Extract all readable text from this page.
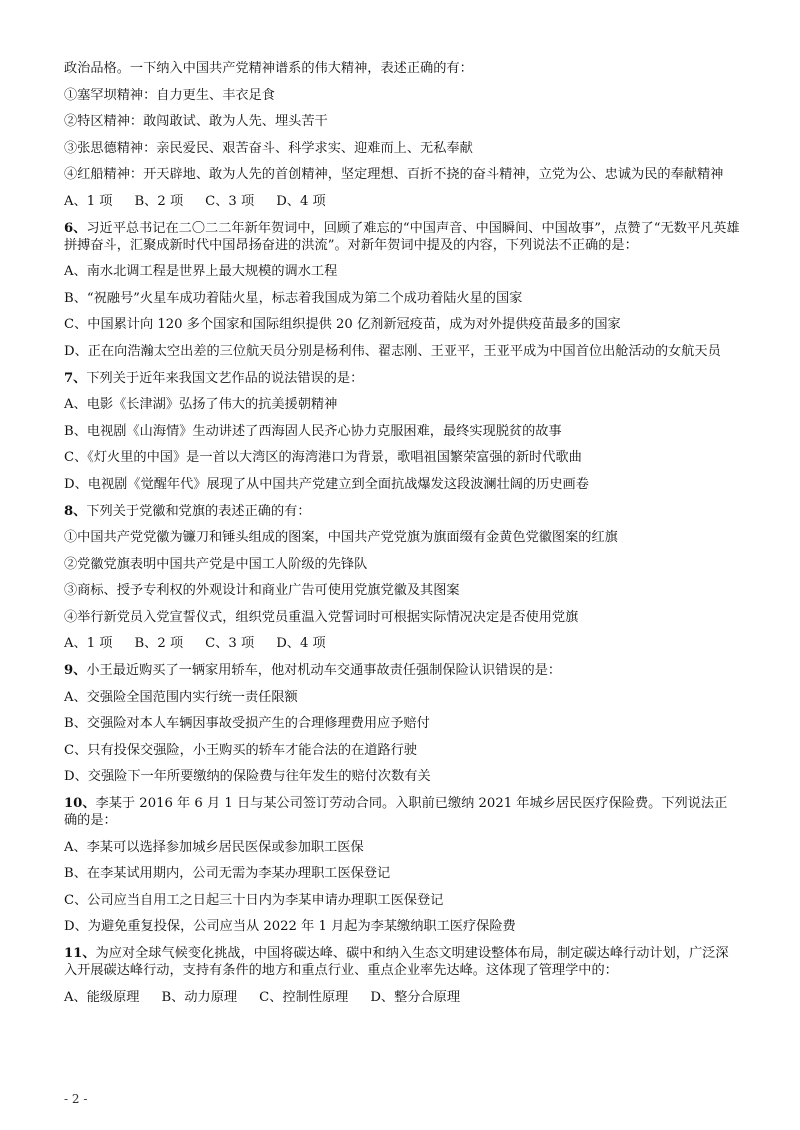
政治品格。一下纳入中国共产党精神谱系的伟大精神，表述正确的有：

①塞罕坝精神：自力更生、丰衣足食

②特区精神：敢闯敢试、敢为人先、埋头苦干

③张思德精神：亲民爱民、艰苦奋斗、科学求实、迎难而上、无私奉献

④红船精神：开天辟地、敢为人先的首创精神，坚定理想、百折不挠的奋斗精神，立党为公、忠诚为民的奉献精神

A、1 项 B、2 项 C、3 项 D、4 项

6、习近平总书记在二〇二二年新年贺词中，回顾了难忘的“中国声音、中国瞬间、中国故事”，点赞了“无数平凡英雄拼搏奋斗，汇聚成新时代中国昂扬奋进的洪流”。对新年贺词中提及的内容，下列说法不正确的是：

A、南水北调工程是世界上最大规模的调水工程

B、“祝融号”火星车成功着陆火星，标志着我国成为第二个成功着陆火星的国家

C、中国累计向 120 多个国家和国际组织提供 20 亿剂新冠疫苗，成为对外提供疫苗最多的国家

D、正在向浩瀚太空出差的三位航天员分别是杨利伟、翟志刚、王亚平，王亚平成为中国首位出舱活动的女航天员

7、下列关于近年来我国文艺作品的说法错误的是：

A、电影《长津湖》弘扬了伟大的抗美援朝精神

B、电视剧《山海情》生动讲述了西海固人民齐心协力克服困难，最终实现脱贫的故事

C、《灯火里的中国》是一首以大湾区的海湾港口为背景，歌唱祖国繁荣富强的新时代歌曲

D、电视剧《觉醒年代》展现了从中国共产党建立到全面抗战爆发这段波澜壮阔的历史画卷

8、下列关于党徽和党旗的表述正确的有：

①中国共产党党徽为镰刀和锤头组成的图案，中国共产党党旗为旗面缀有金黄色党徽图案的红旗

②党徽党旗表明中国共产党是中国工人阶级的先锋队

③商标、授予专利权的外观设计和商业广告可使用党旗党徽及其图案

④举行新党员入党宣誓仪式，组织党员重温入党誓词时可根据实际情况决定是否使用党旗

A、1 项 B、2 项 C、3 项 D、4 项

9、小王最近购买了一辆家用轿车，他对机动车交通事故责任强制保险认识错误的是：

A、交强险全国范围内实行统一责任限额

B、交强险对本人车辆因事故受损产生的合理修理费用应予赔付

C、只有投保交强险，小王购买的轿车才能合法的在道路行驶

D、交强险下一年所要缴纳的保险费与往年发生的赔付次数有关

10、李某于 2016 年 6 月 1 日与某公司签订劳动合同。入职前已缴纳 2021 年城乡居民医疗保险费。下列说法正确的是：

A、李某可以选择参加城乡居民医保或参加职工医保

B、在李某试用期内，公司无需为李某办理职工医保登记

C、公司应当自用工之日起三十日内为李某申请办理职工医保登记

D、为避免重复投保，公司应当从 2022 年 1 月起为李某缴纳职工医疗保险费

11、为应对全球气候变化挑战，中国将碳达峰、碳中和纳入生态文明建设整体布局，制定碳达峰行动计划，广泛深入开展碳达峰行动，支持有条件的地方和重点行业、重点企业率先达峰。这体现了管理学中的：

A、能级原理 B、动力原理 C、控制性原理 D、整分合原理
- 2 -
